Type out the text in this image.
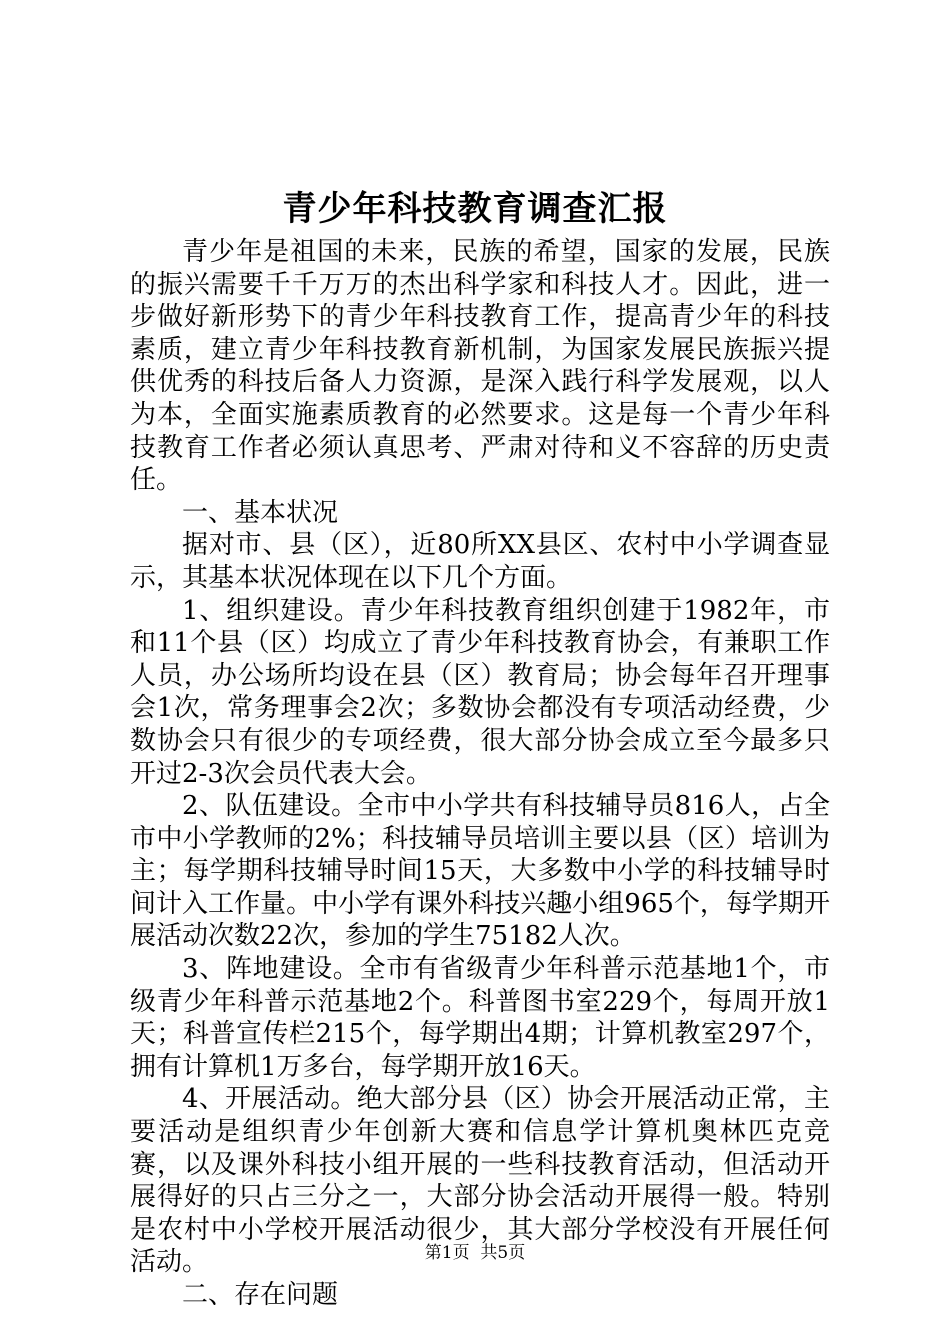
青少年科技教育调查汇报

青少年是祖国的未来，民族的希望，国家的发展，民族的振兴需要千千万万的杰出科学家和科技人才。因此，进一步做好新形势下的青少年科技教育工作，提高青少年的科技素质，建立青少年科技教育新机制，为国家发展民族振兴提供优秀的科技后备人力资源，是深入践行科学发展观，以人为本，全面实施素质教育的必然要求。这是每一个青少年科技教育工作者必须认真思考、严肃对待和义不容辞的历史责任。

一、基本状况

据对市、县（区），近80所XX县区、农村中小学调查显示，其基本状况体现在以下几个方面。

1、组织建设。青少年科技教育组织创建于1982年，市和11个县（区）均成立了青少年科技教育协会，有兼职工作人员，办公场所均设在县（区）教育局；协会每年召开理事会1次，常务理事会2次；多数协会都没有专项活动经费，少数协会只有很少的专项经费，很大部分协会成立至今最多只开过2-3次会员代表大会。

2、队伍建设。全市中小学共有科技辅导员816人，占全市中小学教师的2%；科技辅导员培训主要以县（区）培训为主；每学期科技辅导时间15天，大多数中小学的科技辅导时间计入工作量。中小学有课外科技兴趣小组965个，每学期开展活动次数22次，参加的学生75182人次。

3、阵地建设。全市有省级青少年科普示范基地1个，市级青少年科普示范基地2个。科普图书室229个，每周开放1天；科普宣传栏215个，每学期出4期；计算机教室297个，拥有计算机1万多台，每学期开放16天。

4、开展活动。绝大部分县（区）协会开展活动正常，主要活动是组织青少年创新大赛和信息学计算机奥林匹克竞赛，以及课外科技小组开展的一些科技教育活动，但活动开展得好的只占三分之一，大部分协会活动开展得一般。特别是农村中小学校开展活动很少，其大部分学校没有开展任何活动。

二、存在问题

第1页 共5页
